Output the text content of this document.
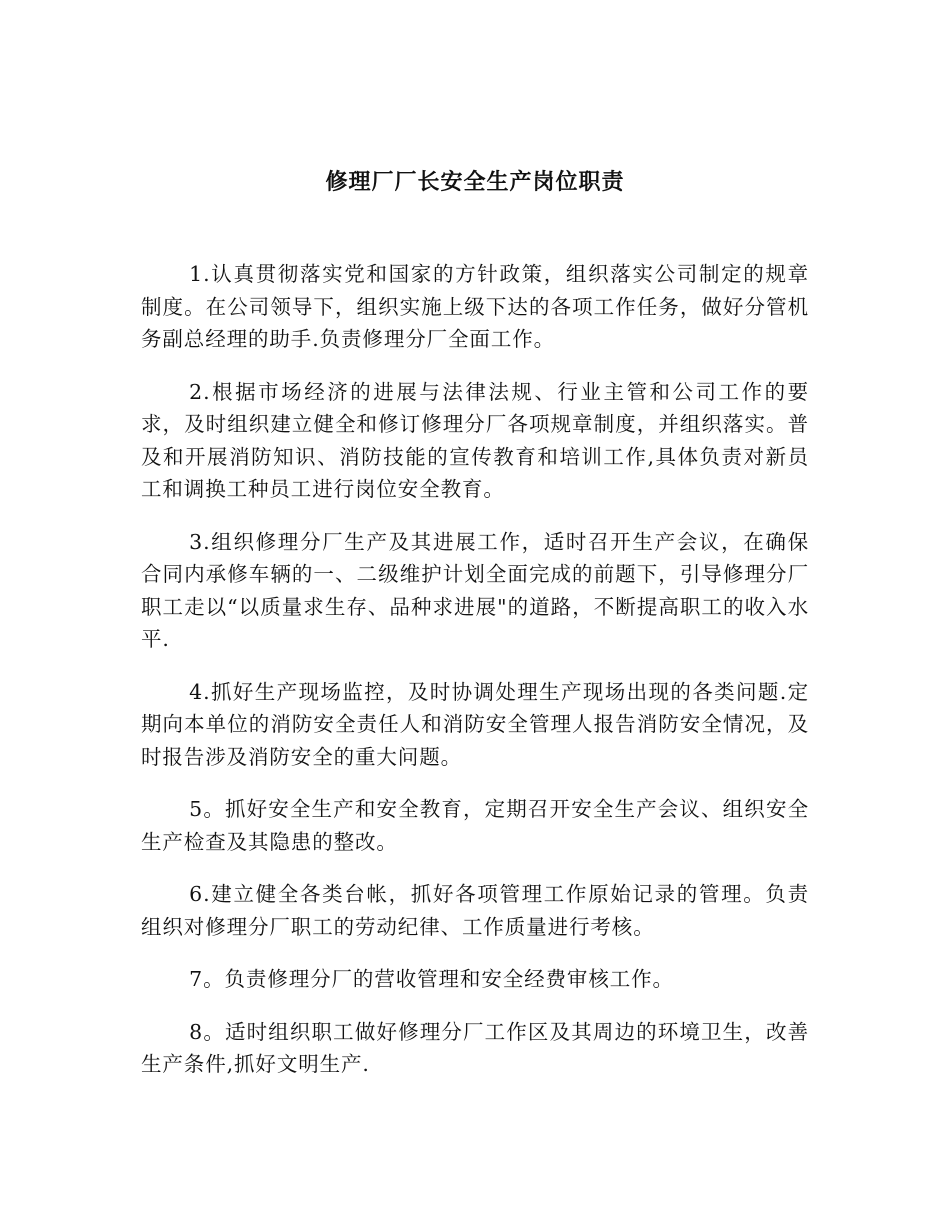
修理厂厂长安全生产岗位职责

1.认真贯彻落实党和国家的方针政策，组织落实公司制定的规章制度。在公司领导下，组织实施上级下达的各项工作任务，做好分管机务副总经理的助手.负责修理分厂全面工作。

2.根据市场经济的进展与法律法规、行业主管和公司工作的要求，及时组织建立健全和修订修理分厂各项规章制度，并组织落实。普及和开展消防知识、消防技能的宣传教育和培训工作,具体负责对新员工和调换工种员工进行岗位安全教育。

3.组织修理分厂生产及其进展工作，适时召开生产会议，在确保合同内承修车辆的一、二级维护计划全面完成的前题下，引导修理分厂职工走以“以质量求生存、品种求进展"的道路，不断提高职工的收入水平.

4.抓好生产现场监控，及时协调处理生产现场出现的各类问题.定期向本单位的消防安全责任人和消防安全管理人报告消防安全情况，及时报告涉及消防安全的重大问题。

5。抓好安全生产和安全教育，定期召开安全生产会议、组织安全生产检查及其隐患的整改。

6.建立健全各类台帐，抓好各项管理工作原始记录的管理。负责组织对修理分厂职工的劳动纪律、工作质量进行考核。

7。负责修理分厂的营收管理和安全经费审核工作。

8。适时组织职工做好修理分厂工作区及其周边的环境卫生，改善生产条件,抓好文明生产.
